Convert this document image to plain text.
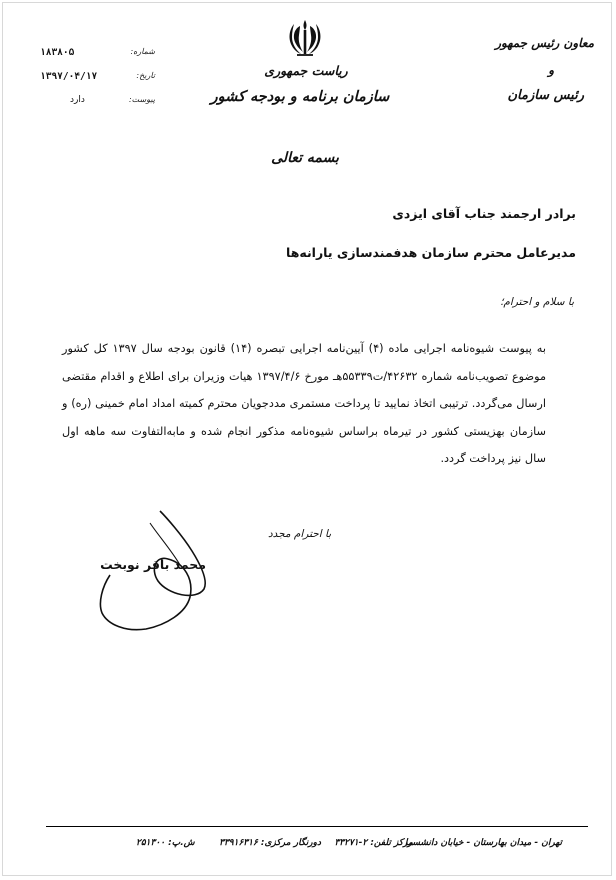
معاون رئیس جمهور
و
رئیس سازمان
ریاست جمهوری
سازمان برنامه و بودجه کشور
شماره:
۱۸۳۸۰۵
تاریخ:
۱۳۹۷/۰۴/۱۷
پیوست:
دارد
بسمه تعالی
برادر ارجمند جناب آقای ایزدی
مدیرعامل محترم سازمان هدفمندسازی یارانه‌ها
با سلام و احترام؛

به پیوست شیوه‌نامه اجرایی ماده (۴) آیین‌نامه اجرایی تبصره (۱۴) قانون بودجه سال ۱۳۹۷ کل کشور موضوع تصویب‌نامه شماره ۴۲۶۳۲/ت۵۵۳۳۹هـ مورخ ۱۳۹۷/۴/۶ هیات وزیران برای اطلاع و اقدام مقتضی ارسال می‌گردد. ترتیبی اتخاذ نمایید تا پرداخت مستمری مددجویان محترم کمیته امداد امام خمینی (ره) و سازمان بهزیستی کشور در تیرماه براساس شیوه‌نامه مذکور انجام شده و مابه‌التفاوت سه ماهه اول سال نیز پرداخت گردد.

با احترام مجدد
محمد باقر نوبخت
تهران - میدان بهارستان - خیابان دانشسرا
مرکز تلفن: ۲-۳۳۲۷۱
دورنگار مرکزی: ۳۳۹۱۶۳۱۶
ش.پ: ۲۵۱۳۰۰
